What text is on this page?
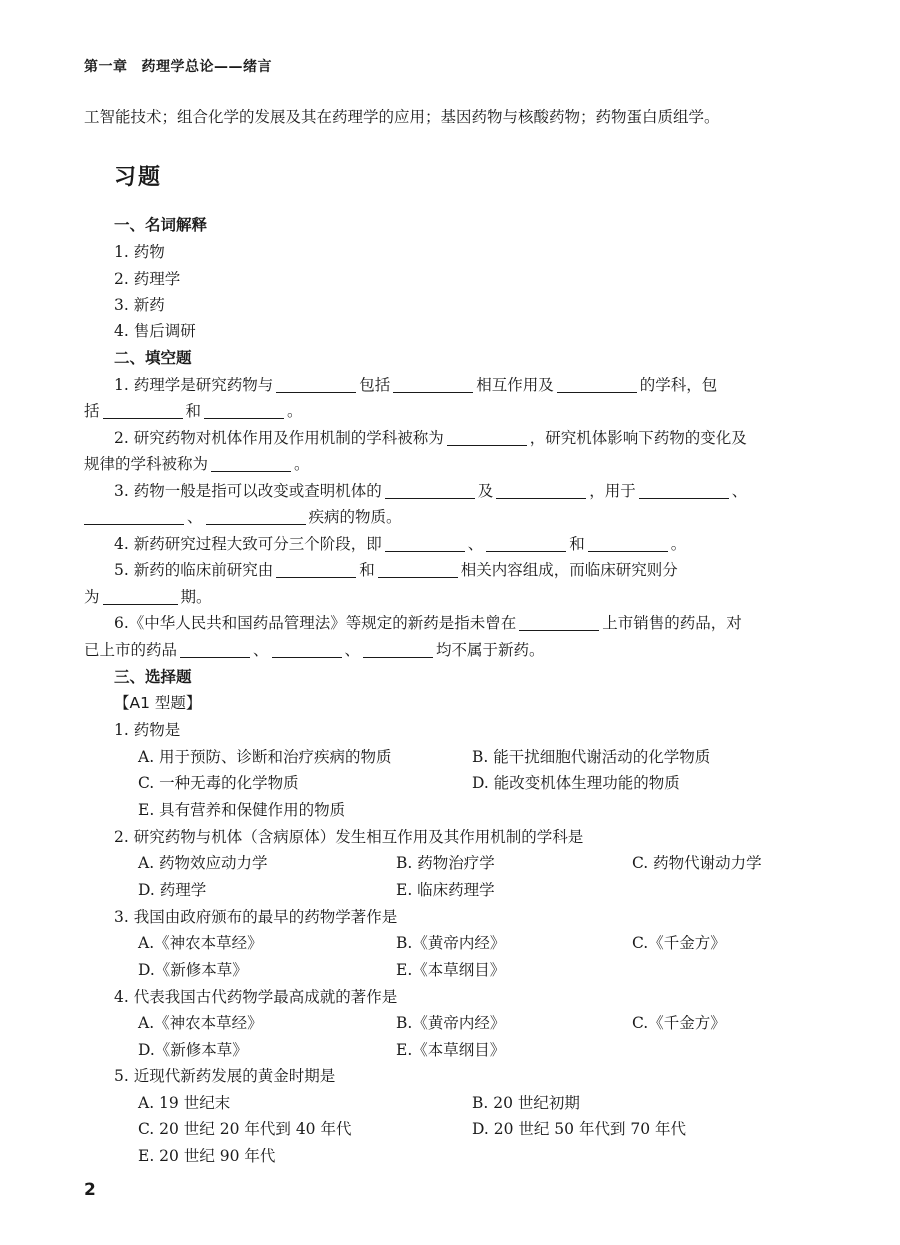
第一章 药理学总论——绪言
工智能技术；组合化学的发展及其在药理学的应用；基因药物与核酸药物；药物蛋白质组学。
习题
一、名词解释
1. 药物
2. 药理学
3. 新药
4. 售后调研
二、填空题
1. 药理学是研究药物与	包括	相互作用及	的学科，包
括	和	。
2. 研究药物对机体作用及作用机制的学科被称为	，研究机体影响下药物的变化及
规律的学科被称为	。
3. 药物一般是指可以改变或查明机体的	及	，用于	、
、	疾病的物质。
4. 新药研究过程大致可分三个阶段，即	、	和	。
5. 新药的临床前研究由	和	相关内容组成，而临床研究则分
为	期。
6.《中华人民共和国药品管理法》等规定的新药是指未曾在	上市销售的药品，对
已上市的药品	、	、	均不属于新药。
三、选择题
【A1 型题】
1. 药物是
A. 用于预防、诊断和治疗疾病的物质	B. 能干扰细胞代谢活动的化学物质
C. 一种无毒的化学物质	D. 能改变机体生理功能的物质
E. 具有营养和保健作用的物质
2. 研究药物与机体（含病原体）发生相互作用及其作用机制的学科是
A. 药物效应动力学	B. 药物治疗学	C. 药物代谢动力学
D. 药理学	E. 临床药理学
3. 我国由政府颁布的最早的药物学著作是
A.《神农本草经》	B.《黄帝内经》	C.《千金方》
D.《新修本草》	E.《本草纲目》
4. 代表我国古代药物学最高成就的著作是
A.《神农本草经》	B.《黄帝内经》	C.《千金方》
D.《新修本草》	E.《本草纲目》
5. 近现代新药发展的黄金时期是
A. 19 世纪末	B. 20 世纪初期
C. 20 世纪 20 年代到 40 年代	D. 20 世纪 50 年代到 70 年代
E. 20 世纪 90 年代
2
